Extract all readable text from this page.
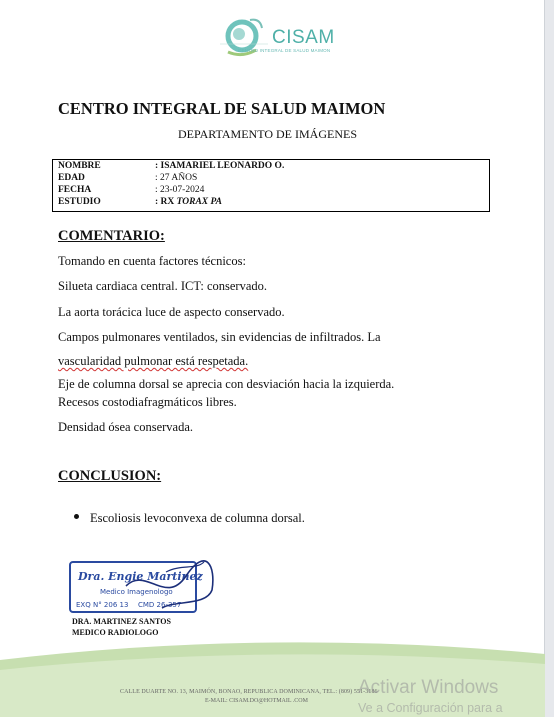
CISAM
CENTRO INTEGRAL DE SALUD MAIMON
CENTRO INTEGRAL DE SALUD MAIMON
DEPARTAMENTO DE IMÁGENES
NOMBRE	: ISAMARIEL LEONARDO O.
EDAD	: 27 AÑOS
FECHA	: 23-07-2024
ESTUDIO	: RX TORAX PA
COMENTARIO:
Tomando en cuenta factores técnicos:
Silueta cardiaca central. ICT: conservado.
La aorta torácica luce de aspecto conservado.
Campos pulmonares ventilados, sin evidencias de infiltrados. La
vascularidad pulmonar está respetada.
Eje de columna dorsal se aprecia con desviación hacia la izquierda.
Recesos costodiafragmáticos libres.
Densidad ósea conservada.
CONCLUSION:
Escoliosis levoconvexa de columna dorsal.
Dra. Engie Martinez
Medico Imagenologo
EXQ N° 206 13 CMD 26-357
DRA. MARTINEZ SANTOS
MEDICO RADIOLOGO
CALLE DUARTE NO. 13, MAIMÓN, BONAO, REPUBLICA DOMINICANA, TEL.: (809) 551-3186
E-MAIL: CISAM.DO@HOTMAIL .COM
Activar Windows
Ve a Configuración para a
